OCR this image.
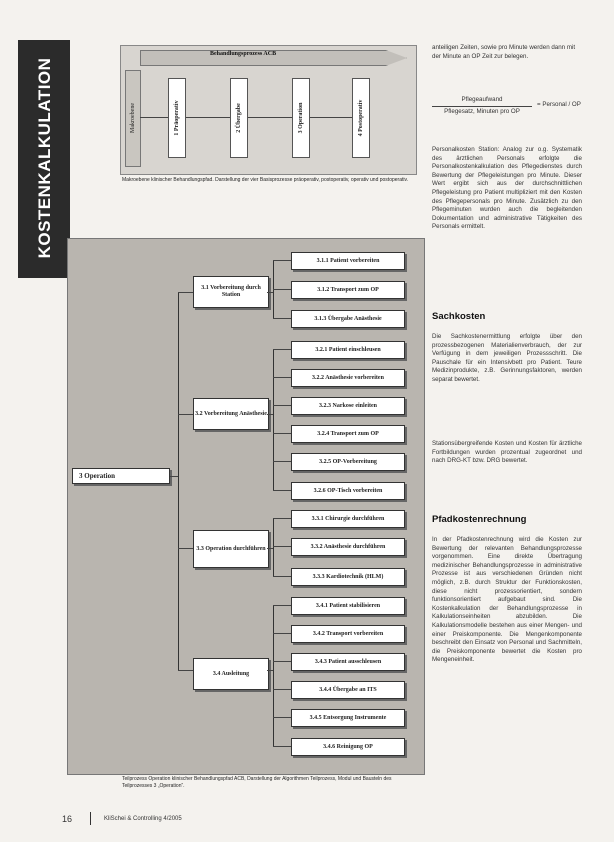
KOSTENKALKULATION
Behandlungsprozess ACB
Makroebene	1 Präoperativ	2 Übergabe	3 Operation	4 Postoperativ
Makroebene klinischer Behandlungspfad. Darstellung der vier Basisprozesse präoperativ, postoperativ, operativ und postoperativ.
3 Operation
3.1 Vorbereitung durch Station
3.2 Vorbereitung Anästhesie
3.3 Operation durchführen
3.4 Ausleitung
3.1.1 Patient vorbereiten
3.1.2 Transport zum OP
3.1.3 Übergabe Anästhesie
3.2.1 Patient einschleusen
3.2.2 Anästhesie vorbereiten
3.2.3 Narkose einleiten
3.2.4 Transport zum OP
3.2.5 OP-Vorbereitung
3.2.6 OP-Tisch vorbereiten
3.3.1 Chirurgie durchführen
3.3.2 Anästhesie durchführen
3.3.3 Kardiotechnik (HLM)
3.4.1 Patient stabilisieren
3.4.2 Transport vorbereiten
3.4.3 Patient ausschleusen
3.4.4 Übergabe an ITS
3.4.5 Entsorgung Instrumente
3.4.6 Reinigung OP
Teilprozess Operation klinischer Behandlungspfad ACB, Darstellung der Algorithmen Teilprozess, Modul und Bausteln des Teilprozesses 3 „Operation“.
anteiligen Zeiten, sowie pro Minute werden dann mit der Minute an OP Zeit zur belegen.
Pflegeaufwand
Pflegesatz, Minuten pro OP
= Personal / OP
Personalkosten Station: Analog zur o.g. Systematik des ärztlichen Personals erfolgte die Personalkostenkalkulation des Pflegedienstes durch Bewertung der Pflegeleistungen pro Minute. Dieser Wert ergibt sich aus der durchschnittlichen Pflegeleistung pro Patient multipliziert mit den Kosten des Pflegepersonals pro Minute. Zusätzlich zu den Pflegeminuten wurden auch die begleitenden Dokumentation und administrative Tätigkeiten des Personals ermittelt.
Sachkosten
Die Sachkostenermittlung erfolgte über den prozessbezogenen Materialienverbrauch, der zur Verfügung in dem jeweiligen Prozessschritt. Die Pauschale für ein Intensivbett pro Patient. Teure Medizinprodukte, z.B. Gerinnungsfaktoren, werden separat bewertet.
Stationsübergreifende Kosten und Kosten für ärztliche Fortbildungen wurden prozentual zugeordnet und nach DRG-KT bzw. DRG bewertet.
Pfadkostenrechnung
In der Pfadkostenrechnung wird die Kosten zur Bewertung der relevanten Behandlungsprozesse vorgenommen. Eine direkte Übertragung medizinischer Behandlungsprozesse in administrative Prozesse ist aus verschiedenen Gründen nicht möglich, z.B. durch Struktur der Funktionskosten, diese nicht prozessorientiert, sondern funktionsorientiert aufgebaut sind. Die Kostenkalkulation der Behandlungsprozesse in Kalkulationseinheiten abzubilden. Die Kalkulationsmodelle bestehen aus einer Mengen- und einer Preiskomponente. Die Mengenkomponente beschreibt den Einsatz von Personal und Sachmitteln, die Preiskomponente bewertet die Kosten pro Mengeneinheit.
16	KliSchei & Controlling 4/2005
